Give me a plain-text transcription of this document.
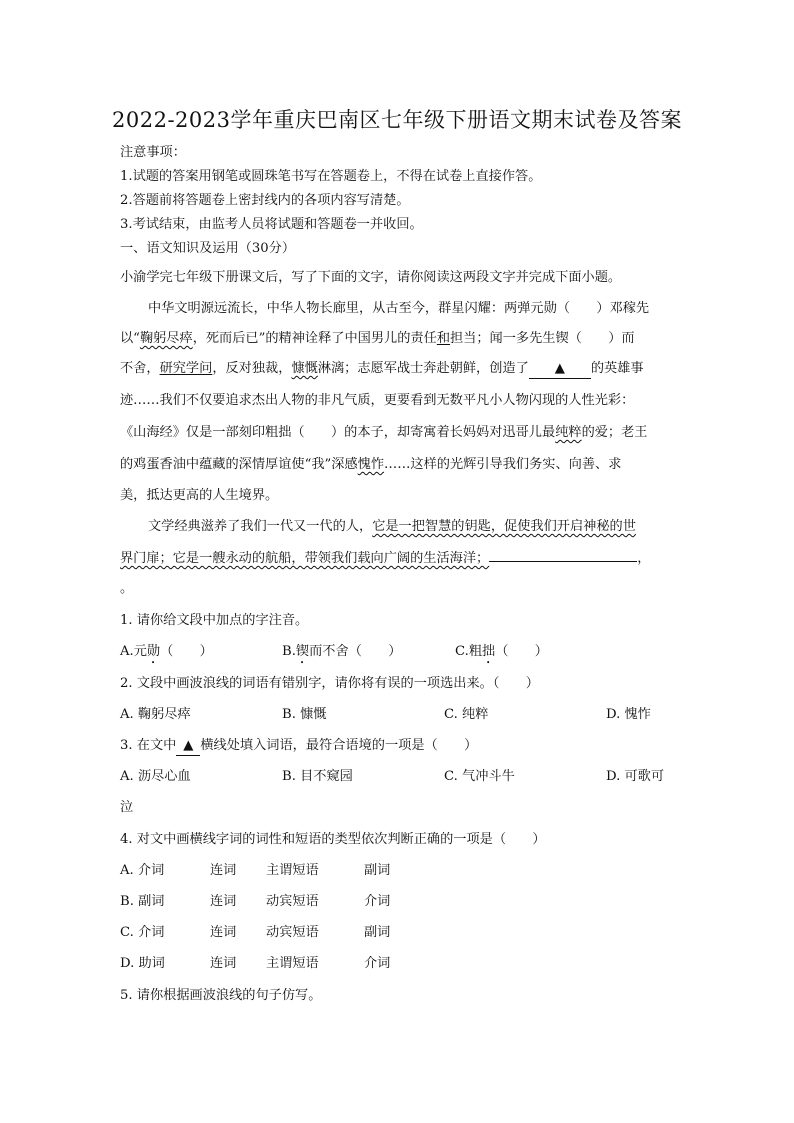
2022-2023学年重庆巴南区七年级下册语文期末试卷及答案
注意事项：
1.试题的答案用钢笔或圆珠笔书写在答题卷上，不得在试卷上直接作答。
2.答题前将答题卷上密封线内的各项内容写清楚。
3.考试结束，由监考人员将试题和答题卷一并收回。
一、语文知识及运用（30分）
小渝学完七年级下册课文后，写了下面的文字，请你阅读这两段文字并完成下面小题。
中华文明源远流长，中华人物长廊里，从古至今，群星闪耀：两弹元勋（　　）邓稼先
以“鞠躬尽瘁，死而后已”的精神诠释了中国男儿的责任和担当；闻一多先生锲（　　）而
不舍，研究学问，反对独裁，慷慨淋漓；志愿军战士奔赴朝鲜，创造了 ▲ 的英雄事
迹……我们不仅要追求杰出人物的非凡气质，更要看到无数平凡小人物闪现的人性光彩：
《山海经》仅是一部刻印粗拙（　　）的本子，却寄寓着长妈妈对迅哥儿最纯粹的爱；老王
的鸡蛋香油中蕴藏的深情厚谊使“我”深感愧怍……这样的光辉引导我们务实、向善、求
美，抵达更高的人生境界。
文学经典滋养了我们一代又一代的人，它是一把智慧的钥匙，促使我们开启神秘的世
界门扉；它是一艘永动的航船，带领我们载向广阔的生活海洋；	，
。
1. 请你给文段中加点的字注音。
A.元勋（　　）	B.锲而不舍（　　）	C.粗拙（　　）
2. 文段中画波浪线的词语有错别字，请你将有误的一项选出来。（　　）
A. 鞠躬尽瘁	B. 慷慨	C. 纯粹	D. 愧怍
3. 在文中 ▲ 横线处填入词语，最符合语境的一项是（　　）
A. 沥尽心血	B. 目不窥园	C. 气冲斗牛	D. 可歌可
泣
4. 对文中画横线字词的词性和短语的类型依次判断正确的一项是（　　）
A. 介词	连词 主谓短语	副词
B. 副词	连词 动宾短语	介词
C. 介词	连词 动宾短语	副词
D. 助词	连词 主谓短语	介词
5. 请你根据画波浪线的句子仿写。
